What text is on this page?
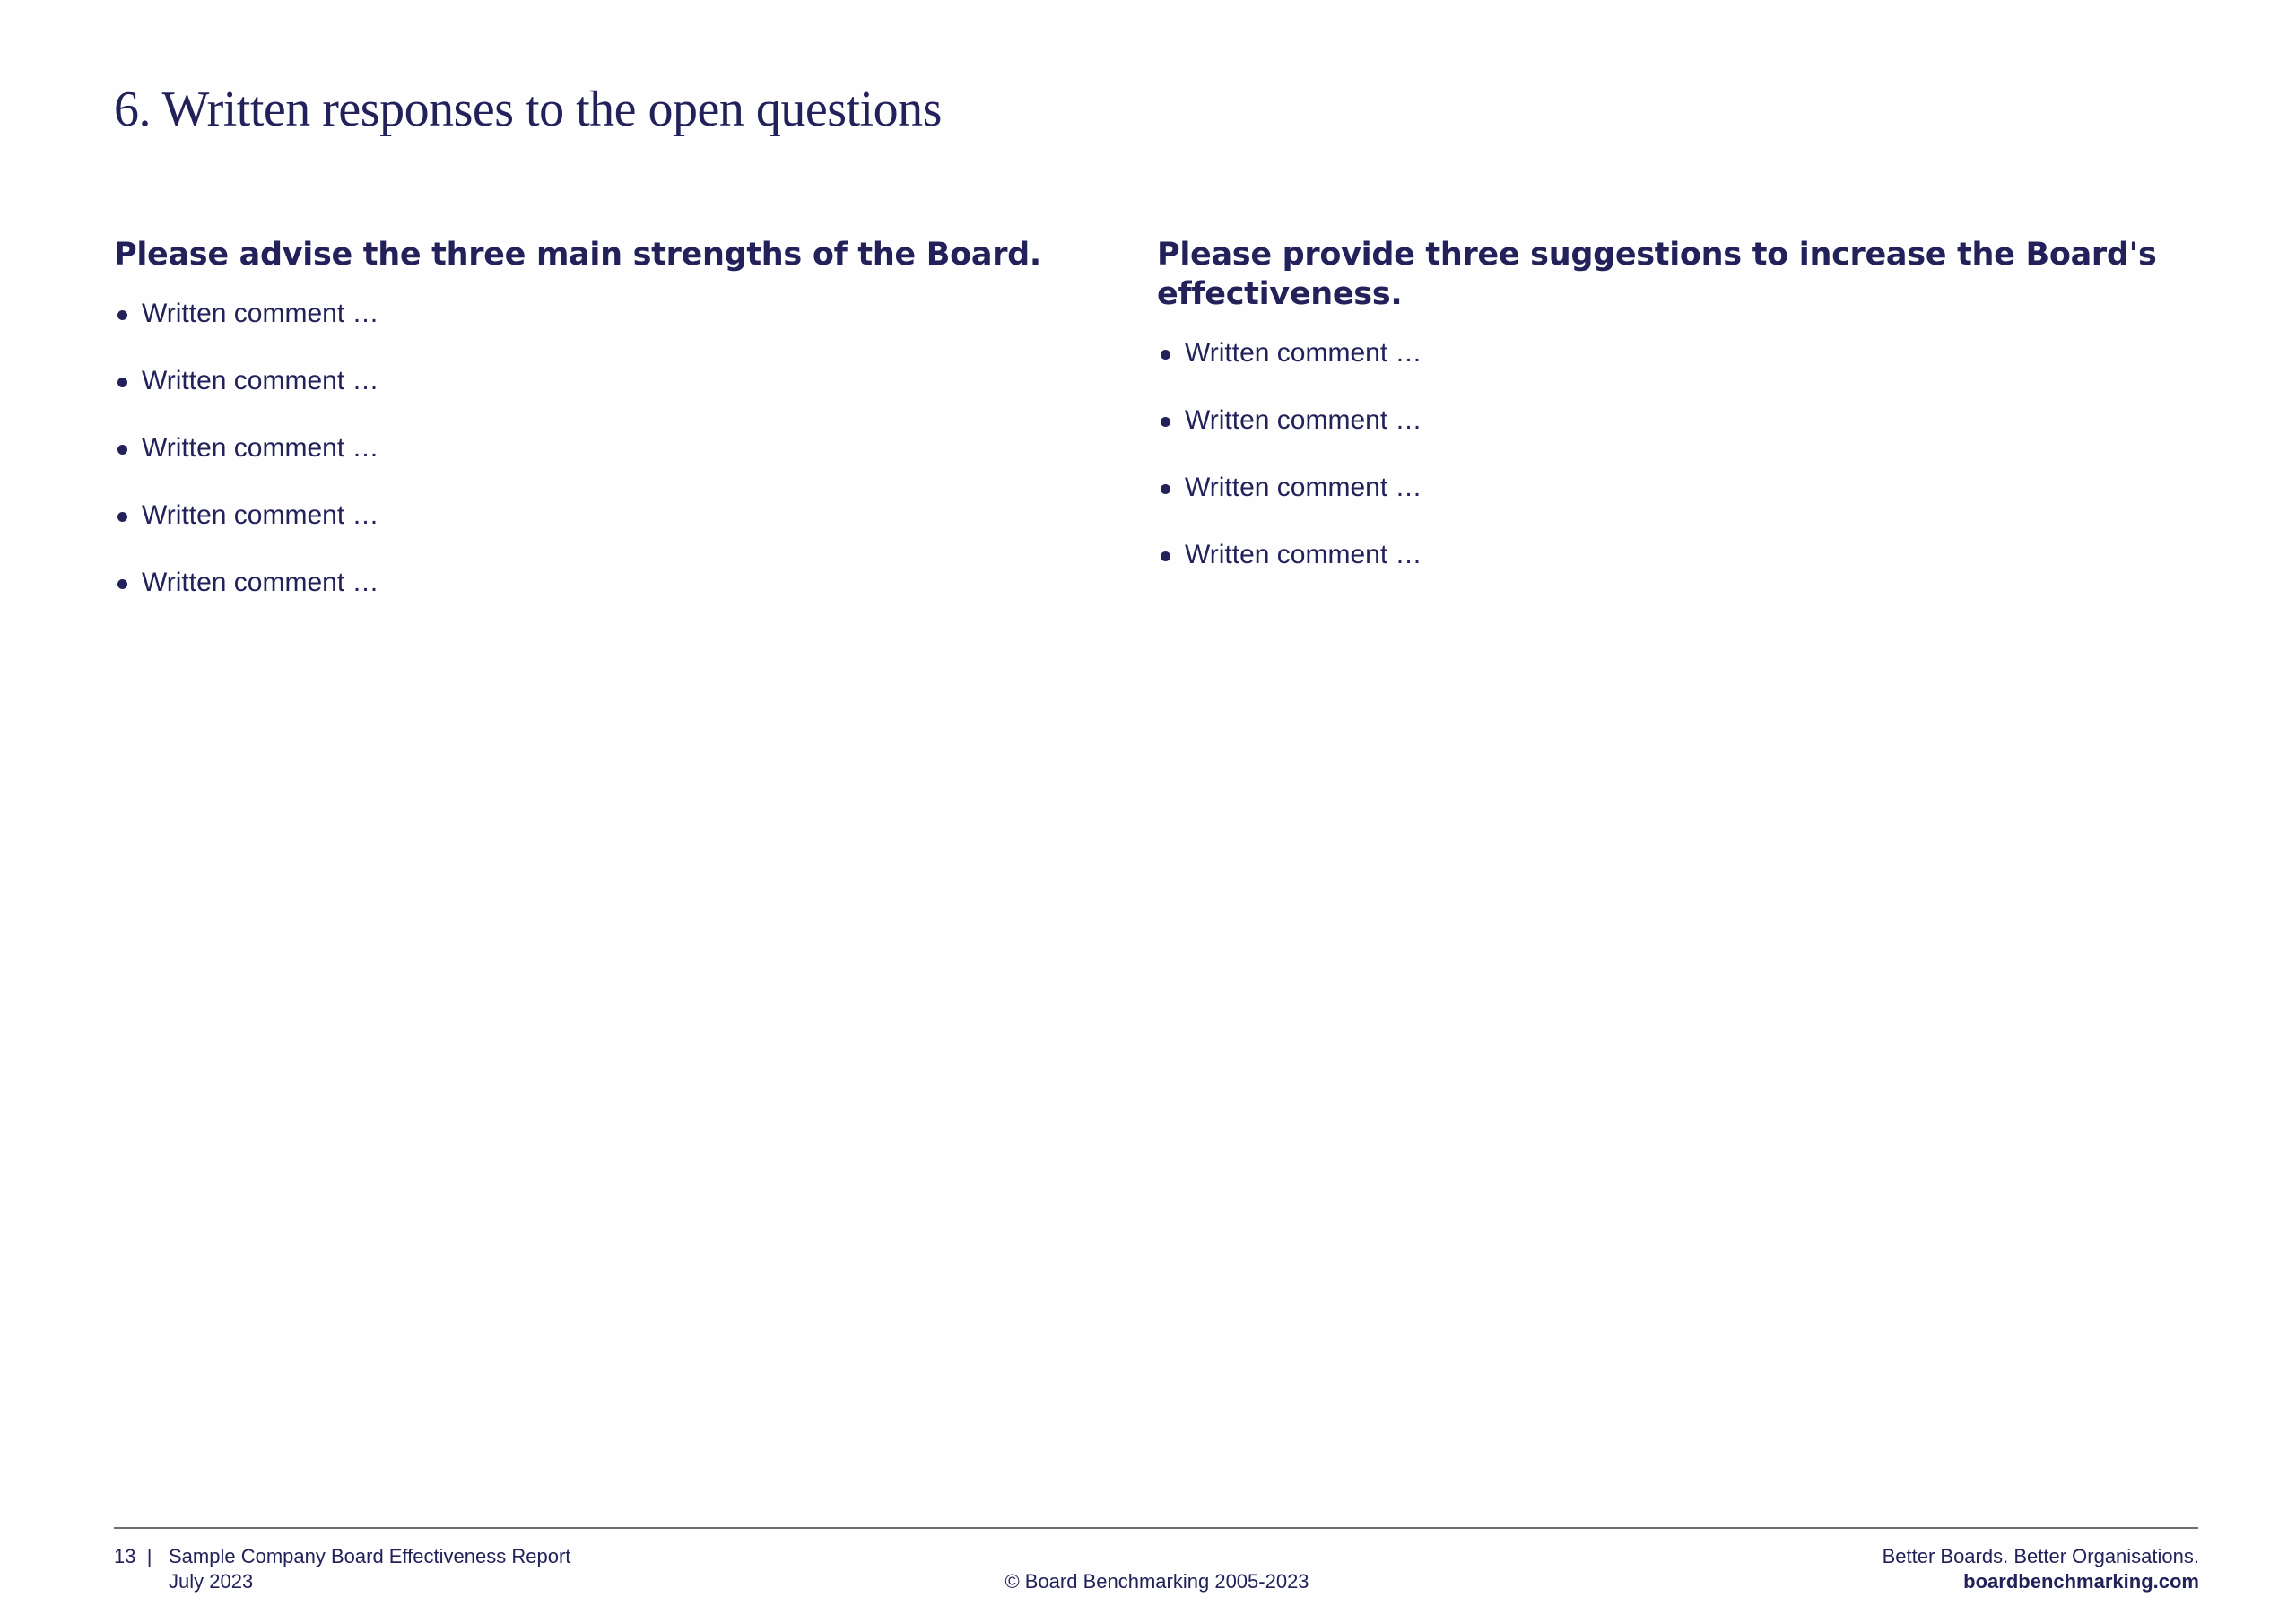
6. Written responses to the open questions
Please advise the three main strengths of the Board.
Written comment …
Written comment …
Written comment …
Written comment …
Written comment …
Please provide three suggestions to increase the Board's effectiveness.
Written comment …
Written comment …
Written comment …
Written comment …
13 | Sample Company Board Effectiveness Report
July 2023	© Board Benchmarking 2005-2023
Better Boards. Better Organisations.
boardbenchmarking.com
